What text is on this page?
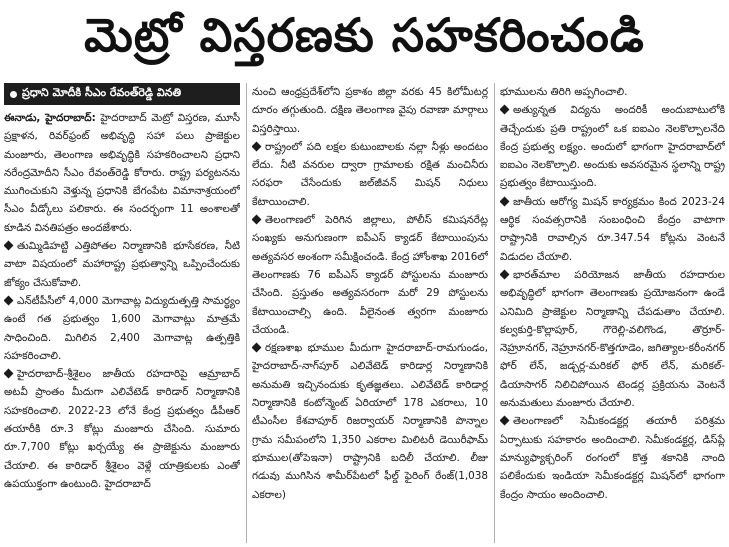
మెట్రో విస్తరణకు సహకరించండి
ప్రధాని మోదీకి సీఎం రేవంత్‌రెడ్డి వినతి

ఈనాడు, హైదరాబాద్‌: హైదరాబాద్‌ మెట్రో విస్తరణ, మూసీ ప్రక్షాళన, రివర్‌ఫ్రంట్‌ అభివృద్ధి సహా పలు ప్రాజెక్టుల మంజూరు, తెలంగాణ అభివృద్ధికి సహకరించాలని ప్రధాని నరేంద్రమోదీని సీఎం రేవంత్‌రెడ్డి కోరారు. రాష్ట్ర పర్యటనను ముగించుకుని వెళ్తున్న ప్రధానికి బేగంపేట విమానాశ్రయంలో సీఎం వీడ్కోలు పలికారు. ఈ సందర్భంగా 11 అంశాలతో కూడిన వినతిపత్రం అందజేశారు.

తుమ్మిడిహట్టి ఎత్తిపోతల నిర్మాణానికి భూసేకరణ, నీటి వాటా విషయంలో మహారాష్ట్ర ప్రభుత్వాన్ని ఒప్పించేందుకు జోక్యం చేసుకోవాలి.

ఎన్‌టీపీసీలో 4,000 మెగావాట్ల విద్యుదుత్పత్తి సామర్థ్యం ఉంటే గత ప్రభుత్వం 1,600 మెగావాట్లు మాత్రమే సాధించింది. మిగిలిన 2,400 మెగావాట్ల ఉత్పత్తికి సహకరించాలి.

హైదరాబాద్‌-శ్రీశైలం జాతీయ రహదారిపై ఆమ్రాబాద్‌ అటవీ ప్రాంతం మీదుగా ఎలివేటెడ్‌ కారిడార్‌ నిర్మాణానికి సహకరించాలి. 2022-23 లోనే కేంద్ర ప్రభుత్వం డీపీఆర్‌ తయారీకి రూ.3 కోట్లు మంజూరు చేసింది. సుమారు రూ.7,700 కోట్లు ఖర్చయ్యే ఈ ప్రాజెక్టును మంజూరు చేయాలి. ఈ కారిడార్‌ శ్రీశైలం వెళ్లే యాత్రికులకు ఎంతో ఉపయుక్తంగా ఉంటుంది. హైదరాబాద్‌

నుంచి ఆంధ్రప్రదేశ్‌లోని ప్రకాశం జిల్లా వరకు 45 కిలోమీటర్ల దూరం తగ్గుతుంది. దక్షిణ తెలంగాణ వైపు రవాణా మార్గాలు విస్తరిస్తాయి.

రాష్ట్రంలో పది లక్షల కుటుంబాలకు నల్లా నీళ్లు అందటం లేదు. నీటి వనరుల ద్వారా గ్రామాలకు రక్షిత మంచినీరు సరఫరా చేసేందుకు జల్‌జీవన్‌ మిషన్‌ నిధులు కేటాయించాలి.

తెలంగాణలో పెరిగిన జిల్లాలు, పోలీస్‌ కమిషనరేట్ల సంఖ్యకు అనుగుణంగా ఐపీఎస్‌ క్యాడర్‌ కేటాయింపును అత్యవసర అంశంగా సమీక్షించండి. కేంద్ర హోంశాఖ 2016లో తెలంగాణకు 76 ఐపీఎస్‌ క్యాడర్‌ పోస్టులను మంజూరు చేసింది. ప్రస్తుతం అత్యవసరంగా మరో 29 పోస్టులను కేటాయించాల్సి ఉంది. వీలైనంత త్వరగా మంజూరు చేయండి.

రక్షణశాఖ భూముల మీదుగా హైదరాబాద్‌-రామగుండం, హైదరాబాద్‌-నాగ్‌పూర్‌ ఎలివేటెడ్‌ కారిడార్ల నిర్మాణానికి అనుమతి ఇచ్చినందుకు కృతజ్ఞతలు. ఎలివేటెడ్‌ కారిడార్ల నిర్మాణానికి కంటోన్మెంట్‌ ఏరియాలో 178 ఎకరాలు, 10 టీఎంసీల కేశవాపూర్‌ రిజర్వాయర్‌ నిర్మాణానికి పొన్నాల గ్రామ సమీపంలోని 1,350 ఎకరాల మిలిటరీ డెయిరీఫామ్‌ భూముల(తోపెఇనా) రాష్ట్రానికి బదిలీ చేయాలి. లీజు గడువు ముగిసిన శామీర్‌పేటలో ఫీల్డ్‌ ఫైరింగ్‌ రేంజ్‌(1,038 ఎకరాల)

భూములను తిరిగి అప్పగించాలి.

అత్యున్నత విద్యను అందరికీ అందుబాటులోకి తెచ్చేందుకు ప్రతి రాష్ట్రంలో ఒక ఐఐఎం నెలకొల్పాలనేది కేంద్ర ప్రభుత్వ లక్ష్యం. అందులో భాగంగా హైదరాబాద్‌లో ఐఐఎం నెలకొల్పాలి. అందుకు అవసరమైన స్థలాన్ని రాష్ట్ర ప్రభుత్వం కేటాయిస్తుంది.

జాతీయ ఆరోగ్య మిషన్‌ కార్యక్రమం కింద 2023-24 ఆర్థిక సంవత్సరానికి సంబంధించి కేంద్రం వాటాగా రాష్ట్రానికి రావాల్సిన రూ.347.54 కోట్లను వెంటనే విడుదల చేయాలి.

భారత్‌మాల పరియోజన జాతీయ రహదారుల అభివృద్ధిలో భాగంగా తెలంగాణకు ప్రయోజనంగా ఉండే ఎనిమిది ప్రాజెక్టుల నిర్మాణాన్ని చేపడుతాం చేయాలి. కల్వకుర్తి-కొల్లాపూర్‌, గౌరెల్లి-వలిగొండ, తొర్రూర్‌-నెహ్రూనగర్‌, నెహ్రూనగర్‌-కొత్తగూడెం, జగిత్యాల-కరీంనగర్‌ ఫోర్‌ లేన్‌, జడ్చర్ల-మరికల్‌ ఫోర్‌ లేన్‌, మరికల్‌-డియాసాగర్‌ నిలిచిపోయిన టెండర్ల ప్రక్రియను వెంటనే అనుమతులు మంజూరు చేయాలి.

తెలంగాణలో సెమీకండక్టర్ల తయారీ పరిశ్రమ ఏర్పాటుకు సహకారం అందించాలి. సెమీకండక్టర్ల, డిస్‌ప్లే మాన్యుఫ్యాక్చరింగ్‌ రంగంలో కొత్త శకానికి నాంది పలికేందుకు ఇండియా సెమీకండక్టర్ల మిషన్‌లో భాగంగా కేంద్రం సాయం అందించాలి.
